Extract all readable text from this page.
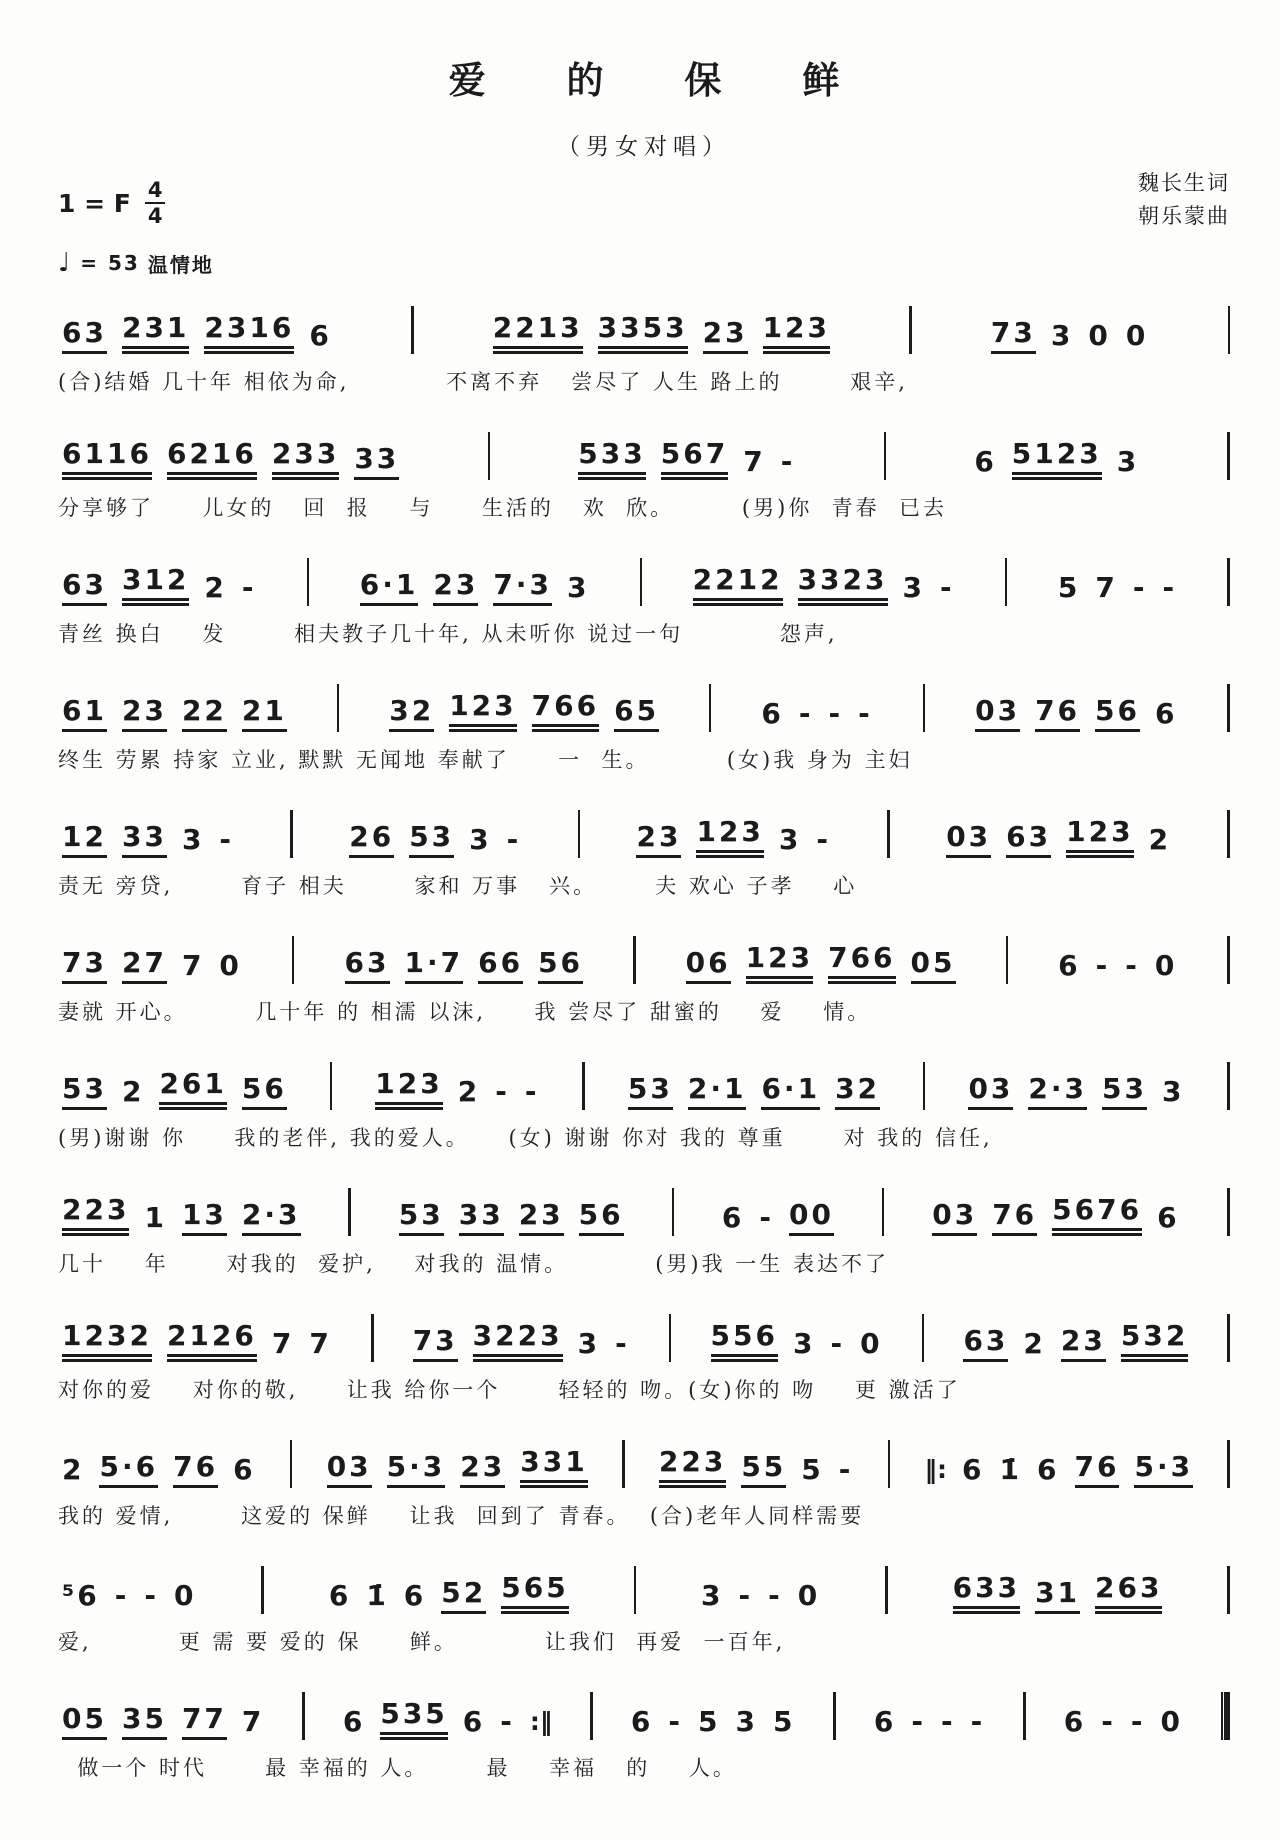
爱 的 保 鲜
（男女对唱）
1 = F $\frac{4}{4}$	魏长生词
朝乐蒙曲
♩ = 53 温情地
63 231 2316 6	2213 3353 23 123	73 3 0 0
(合)结婚 几十年 相依为命,          不离不弃   尝尽了 人生 路上的       艰辛,
6116 6216 233 33	533 567 7 -	6 5123 3
分享够了     儿女的   回  报    与     生活的   欢  欣。       (男)你  青春  已去
63 312 2 -	6·1 23 7·3 3	2212 3323 3 -	5 7 - -
青丝 换白    发       相夫教子几十年, 从未听你 说过一句          怨声,
61 23 22 21	32 123 766 65	6 - - -	03 76 56 6
终生 劳累 持家 立业, 默默 无闻地 奉献了     一  生。        (女)我 身为 主妇
12 33 3 -	26 53 3 -	23 123 3 -	03 63 123 2
责无 旁贷,       育子 相夫       家和 万事   兴。      夫 欢心 子孝    心
73 27 7 0	63 1·7 66 56	06 123 766 05	6 - - 0
妻就 开心。       几十年 的 相濡 以沫,     我 尝尽了 甜蜜的    爱    情。
53 2 261 56	123 2 - -	53 2·1 6·1 32	03 2·3 53 3
(男)谢谢 你     我的老伴, 我的爱人。    (女) 谢谢 你对 我的 尊重      对 我的 信任,
223 1 13 2·3	53 33 23 56	6 - 00	03 76 5676 6
几十    年      对我的  爱护,    对我的 温情。         (男)我 一生 表达不了
1232 2126 7 7	73 3223 3 -	556 3 - 0	63 2 23 532
对你的爱    对你的敬,     让我 给你一个      轻轻的 吻。(女)你的 吻    更 激活了
2 5·6 76 6	03 5·3 23 331	223 55 5 -	‖: 6 1̇ 6 76 5·3
我的 爱情,       这爱的 保鲜    让我  回到了 青春。  (合)老年人同样需要
⁵6 - - 0	6 1̇ 6 52 565	3 - - 0	633 31 263
爱,         更 需 要 爱的 保     鲜。         让我们  再爱  一百年,
05 35 77 7	6 535 6 - :‖	6 - 5 3 5	6 - - -	6 - - 0
做一个 时代      最 幸福的 人。      最    幸福   的    人。
